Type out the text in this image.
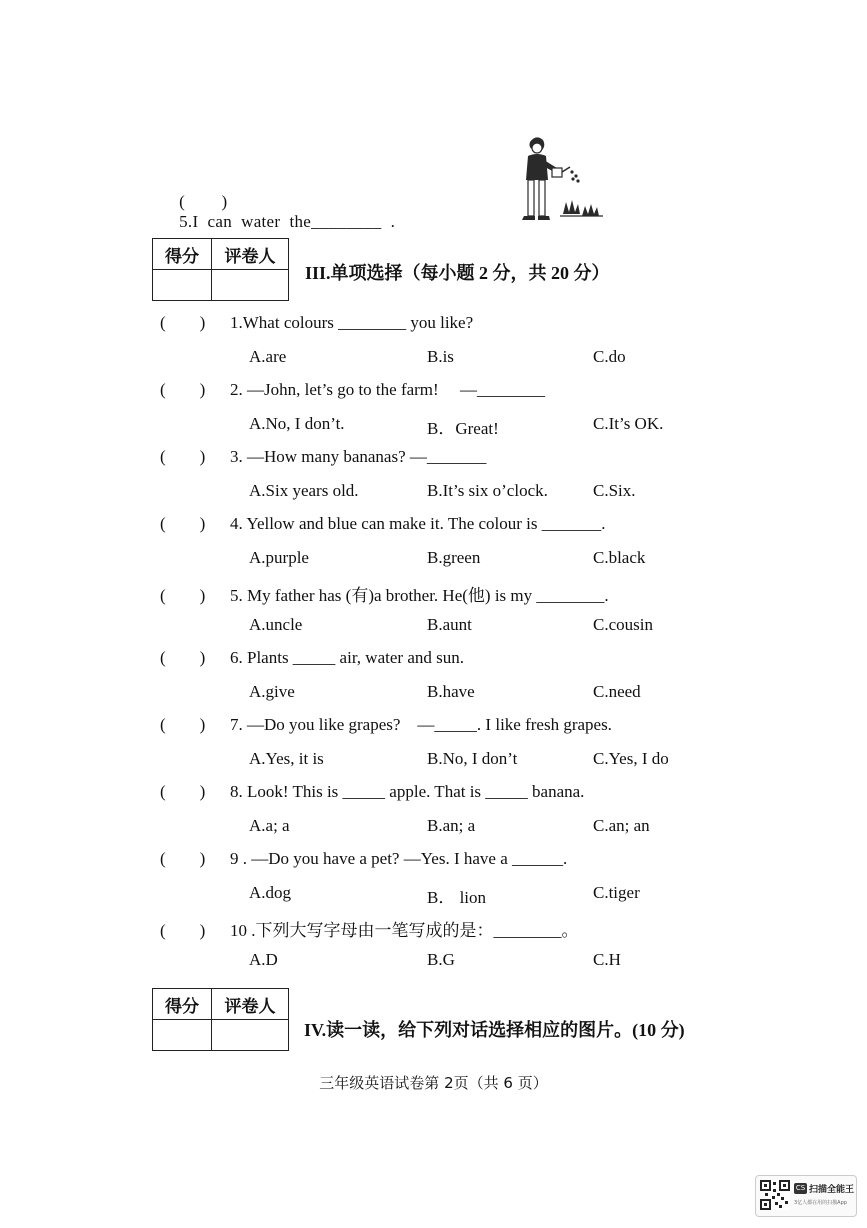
(        )
5.I  can  water  the________  .

得分	评卷人

III.单项选择（每小题 2 分，共 20 分）
(        ) 1.What colours ________ you like?
A.are	B.is	C.do
(        ) 2. —John, let’s go to the farm!     —________
A.No, I don’t.	B．Great!	C.It’s OK.
(        ) 3. —How many bananas? —_______
A.Six years old.	B.It’s six o’clock.	C.Six.
(        ) 4. Yellow and blue can make it. The colour is _______.
A.purple	B.green	C.black
(        ) 5. My father has (有)a brother. He(他) is my ________.
A.uncle	B.aunt	C.cousin
(        ) 6. Plants _____ air, water and sun.
A.give	B.have	C.need
(        ) 7. —Do you like grapes?    —_____. I like fresh grapes.
A.Yes, it is	B.No, I don’t	C.Yes, I do
(        ) 8. Look! This is _____ apple. That is _____ banana.
A.a; a	B.an; a	C.an; an
(        ) 9 . —Do you have a pet? —Yes. I have a ______.
A.dog	B． lion	C.tiger
(        ) 10 .下列大写字母由一笔写成的是：________。
A.D	B.G	C.H
得分	评卷人

IV.读一读，给下列对话选择相应的图片。(10 分)
三年级英语试卷第 2页（共 6 页）
CS 扫描全能王
3亿人都在用的扫描App
